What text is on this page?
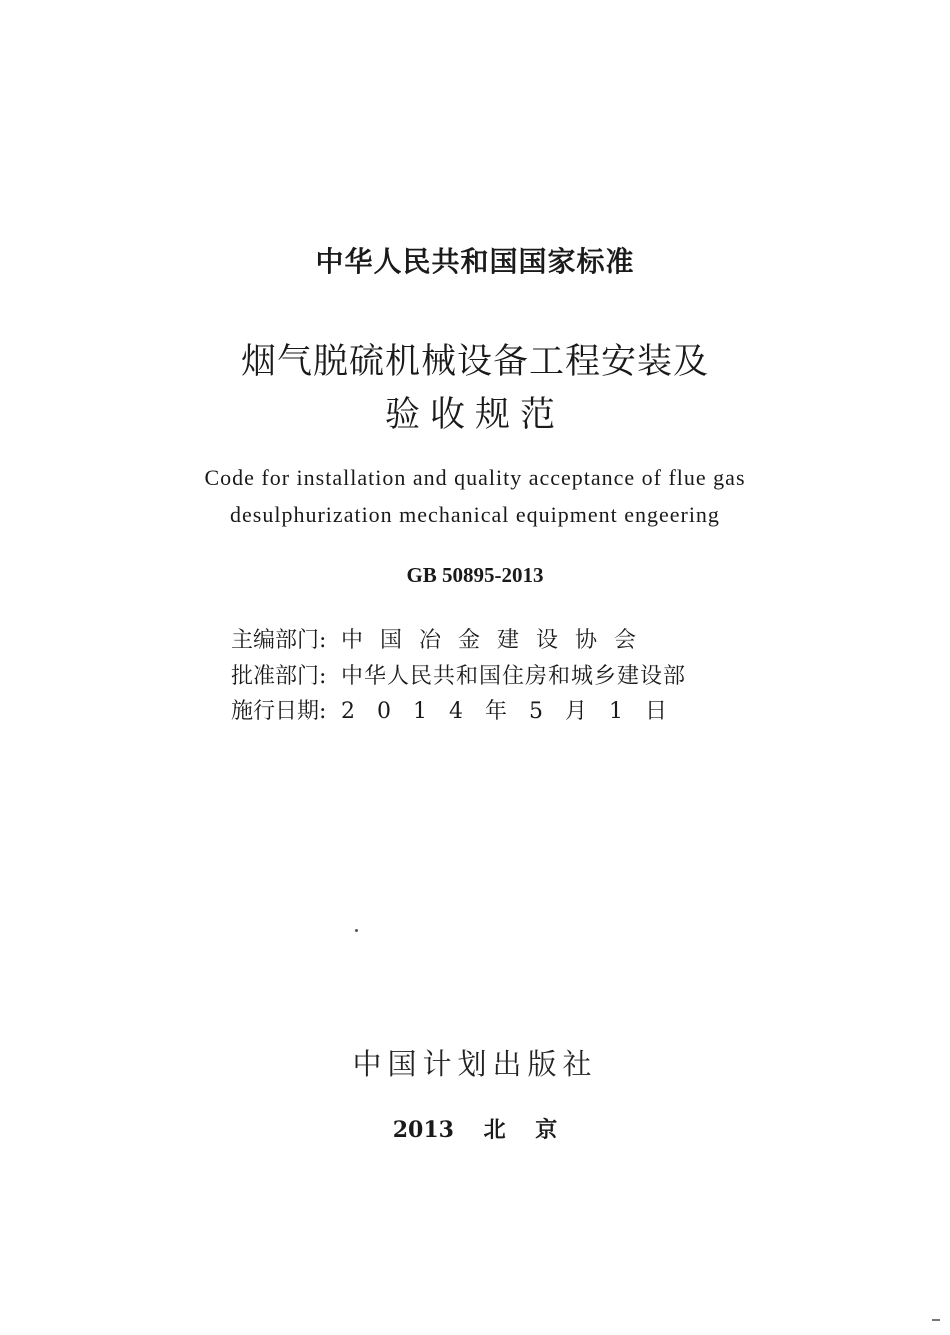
中华人民共和国国家标准
烟气脱硫机械设备工程安装及
验收规范
Code for installation and quality acceptance of flue gas
desulphurization mechanical equipment engeering
GB 50895-2013
主编部门: 中国冶金建设协会
批准部门: 中华人民共和国住房和城乡建设部
施行日期: 2014年5月1日
中国计划出版社
2013 北 京
